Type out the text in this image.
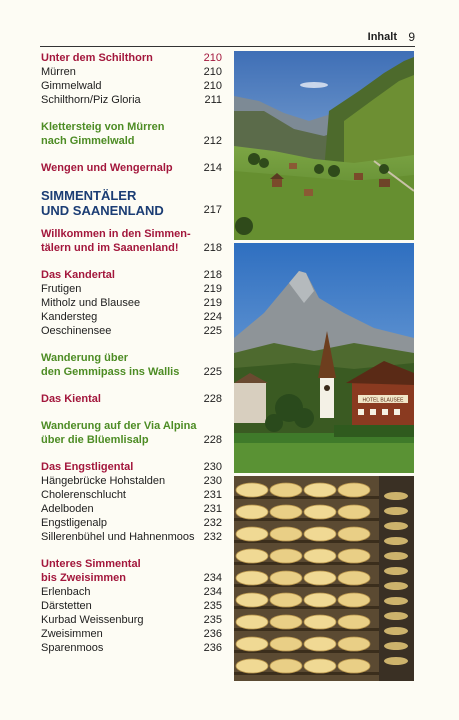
Inhalt 9
Unter dem Schilthorn	210
Mürren	210
Gimmelwald	210
Schilthorn/Piz Gloria	211
Klettersteig von Mürren
nach Gimmelwald	212
Wengen und Wengernalp	214
SIMMENTÄLER
UND SAANENLAND	217
Willkommen in den Simmen-
tälern und im Saanenland!	218
Das Kandertal	218
Frutigen	219
Mitholz und Blausee	219
Kandersteg	224
Oeschinensee	225
Wanderung über
den Gemmipass ins Wallis	225
Das Kiental	228
Wanderung auf der Via Alpina
über die Blüemlisalp	228
Das Engstligental	230
Hängebrücke Hohstalden	230
Cholerenschlucht	231
Adelboden	231
Engstligenalp	232
Sillerenbühel und Hahnenmoos 232
Unteres Simmental
bis Zweisimmen	234
Erlenbach	234
Därstetten	235
Kurbad Weissenburg	235
Zweisimmen	236
Sparenmoos	236
HOTEL BLAUSEE
